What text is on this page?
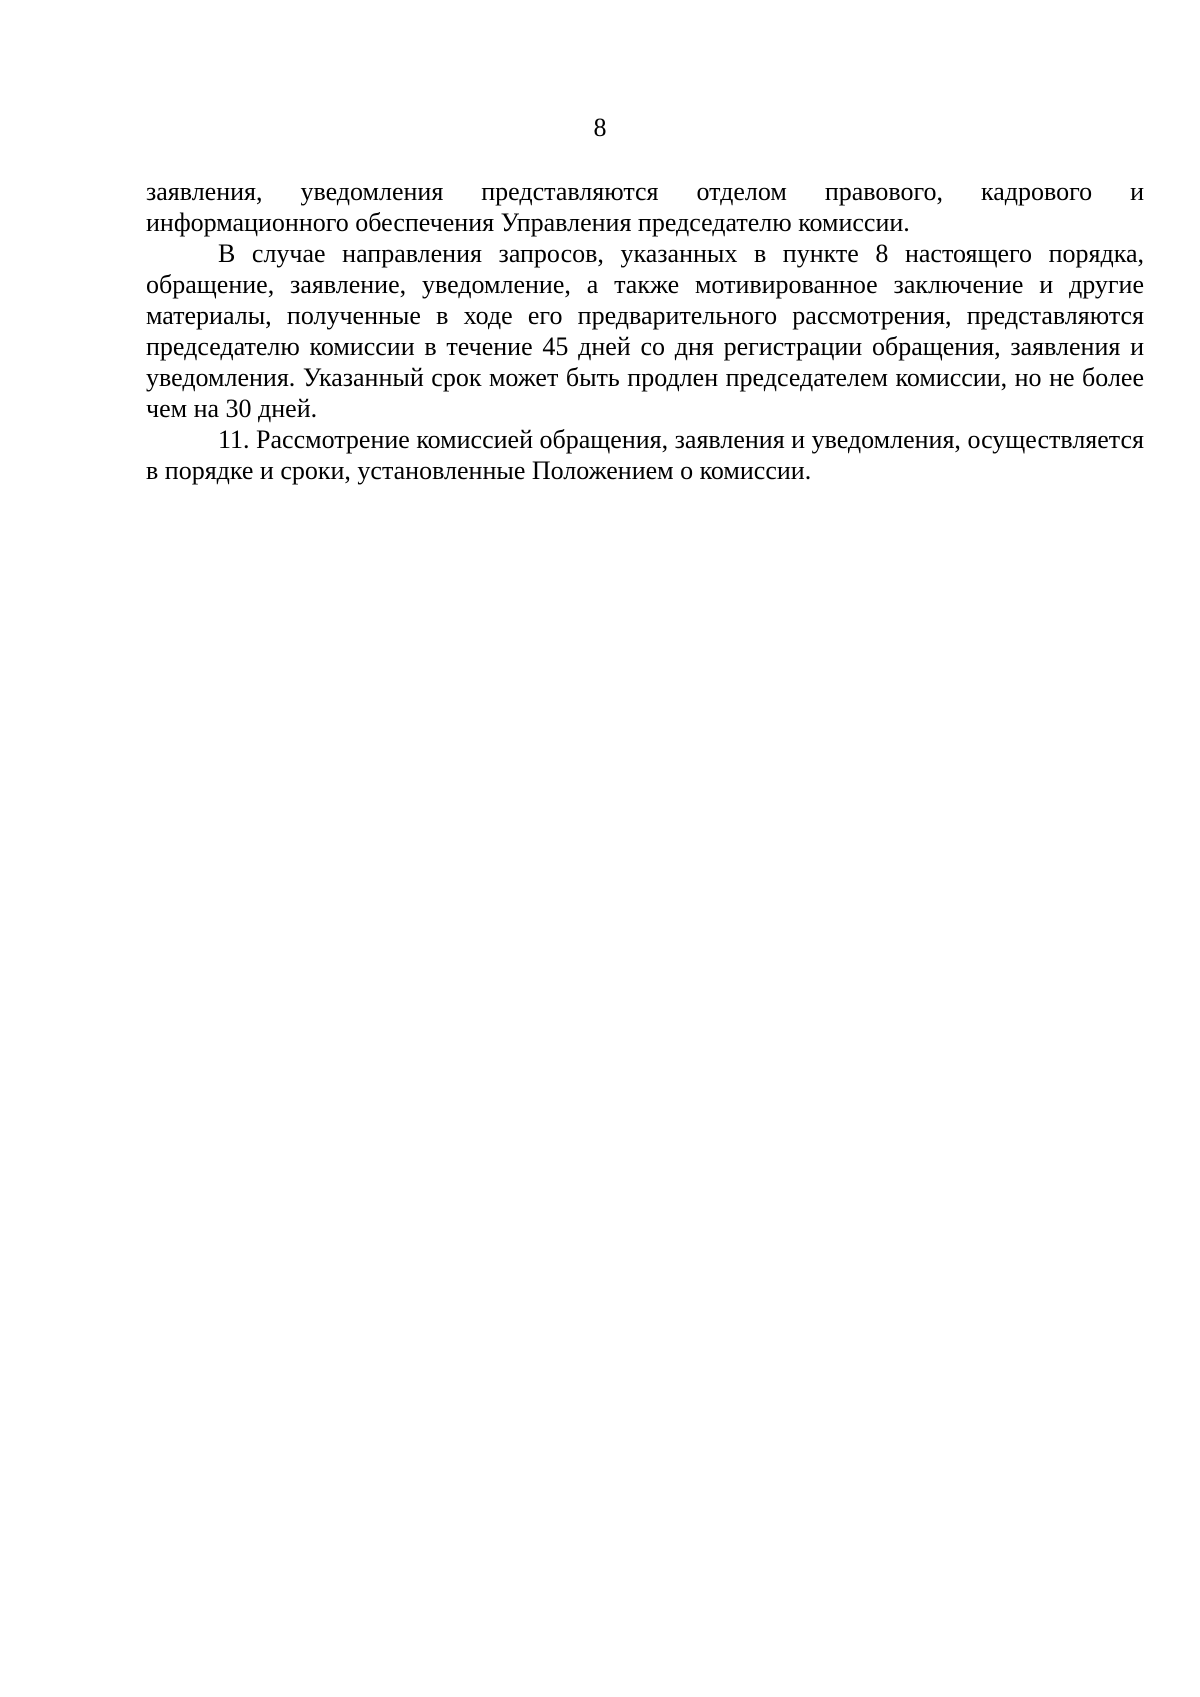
8

заявления, уведомления представляются отделом правового, кадрового и информационного обеспечения Управления председателю комиссии.

В случае направления запросов, указанных в пункте 8 настоящего порядка, обращение, заявление, уведомление, а также мотивированное заключение и другие материалы, полученные в ходе его предварительного рассмотрения, представляются председателю комиссии в течение 45 дней со дня регистрации обращения, заявления и уведомления. Указанный срок может быть продлен председателем комиссии, но не более чем на 30 дней.

11. Рассмотрение комиссией обращения, заявления и уведомления, осуществляется в порядке и сроки, установленные Положением о комиссии.
